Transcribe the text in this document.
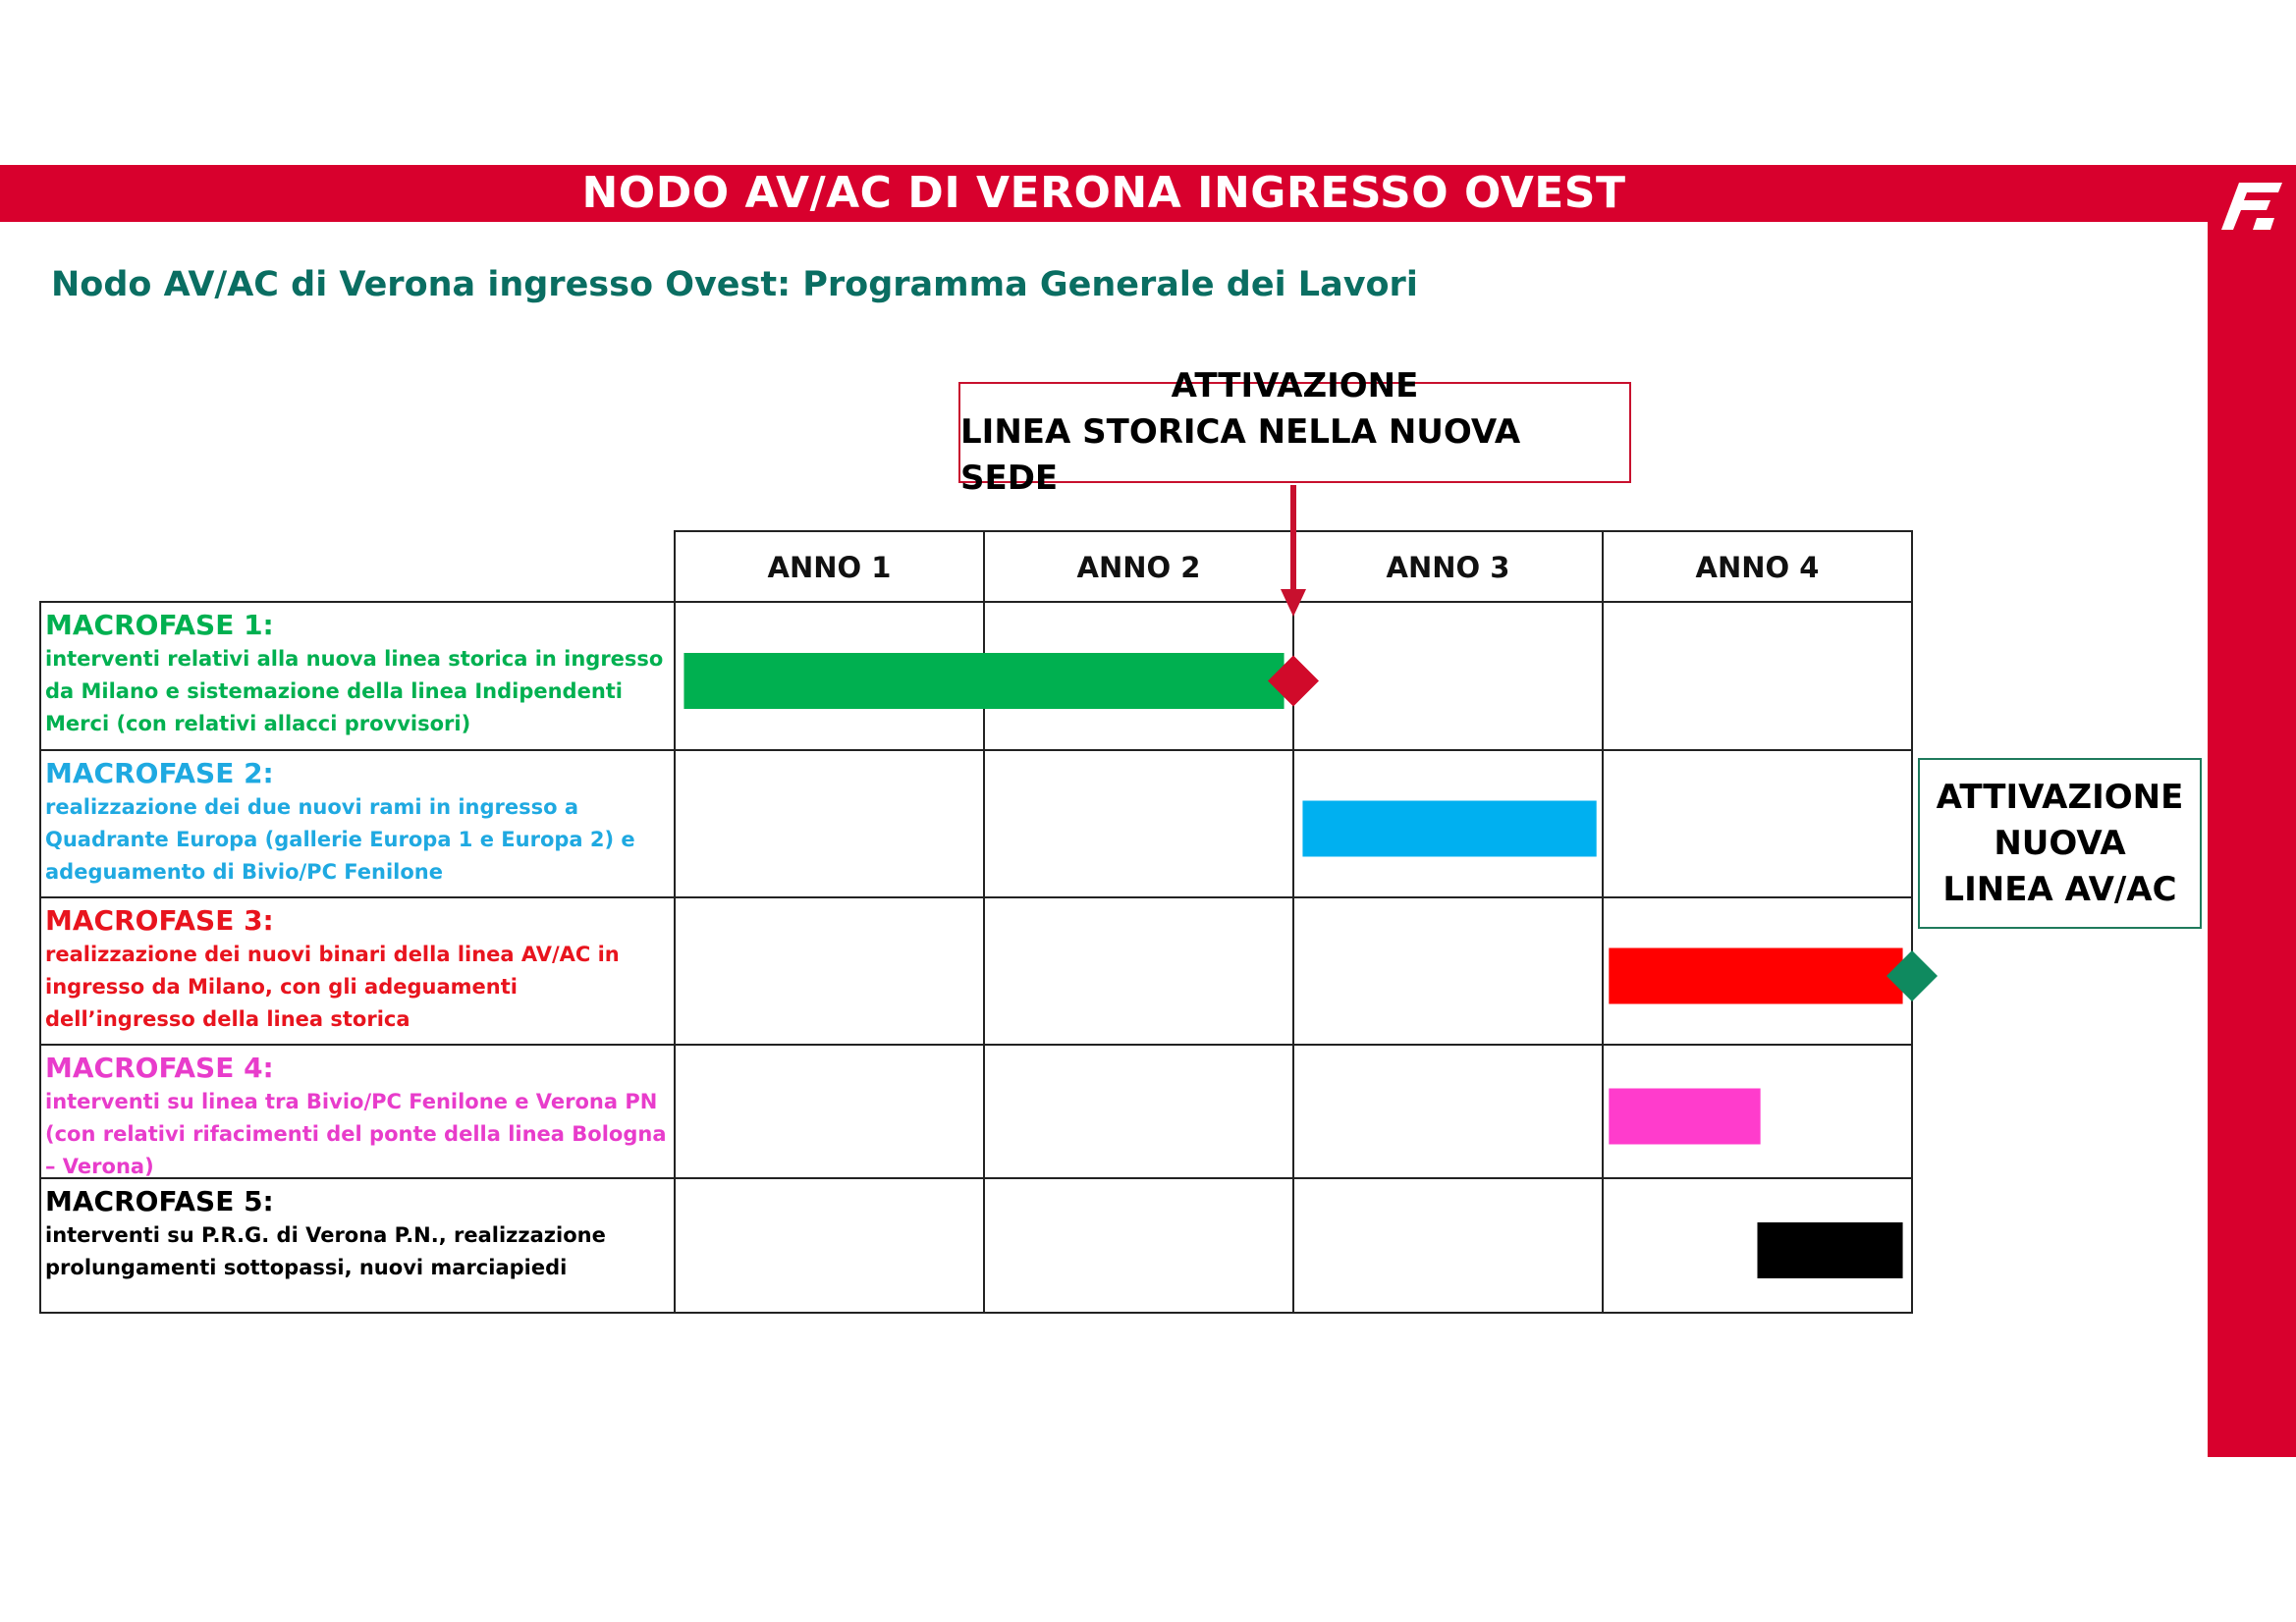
NODO AV/AC DI VERONA INGRESSO OVEST
Nodo AV/AC di Verona ingresso Ovest: Programma Generale dei Lavori
ATTIVAZIONE
LINEA STORICA NELLA NUOVA SEDE
ATTIVAZIONE
NUOVA
LINEA AV/AC
ANNO 1	ANNO 2	ANNO 3	ANNO 4
MACROFASE 1:
interventi relativi alla nuova linea storica in ingresso da Milano e sistemazione della linea Indipendenti Merci (con relativi allacci provvisori)
MACROFASE 2:
realizzazione dei due nuovi rami in ingresso a Quadrante Europa (gallerie Europa 1 e Europa 2) e adeguamento di Bivio/PC Fenilone
MACROFASE 3:
realizzazione dei nuovi binari della linea AV/AC in ingresso da Milano, con gli adeguamenti dell’ingresso della linea storica
MACROFASE 4:
interventi su linea tra Bivio/PC Fenilone e Verona PN (con relativi rifacimenti del ponte della linea Bologna – Verona)
MACROFASE 5:
interventi su P.R.G. di Verona P.N., realizzazione prolungamenti sottopassi, nuovi marciapiedi
